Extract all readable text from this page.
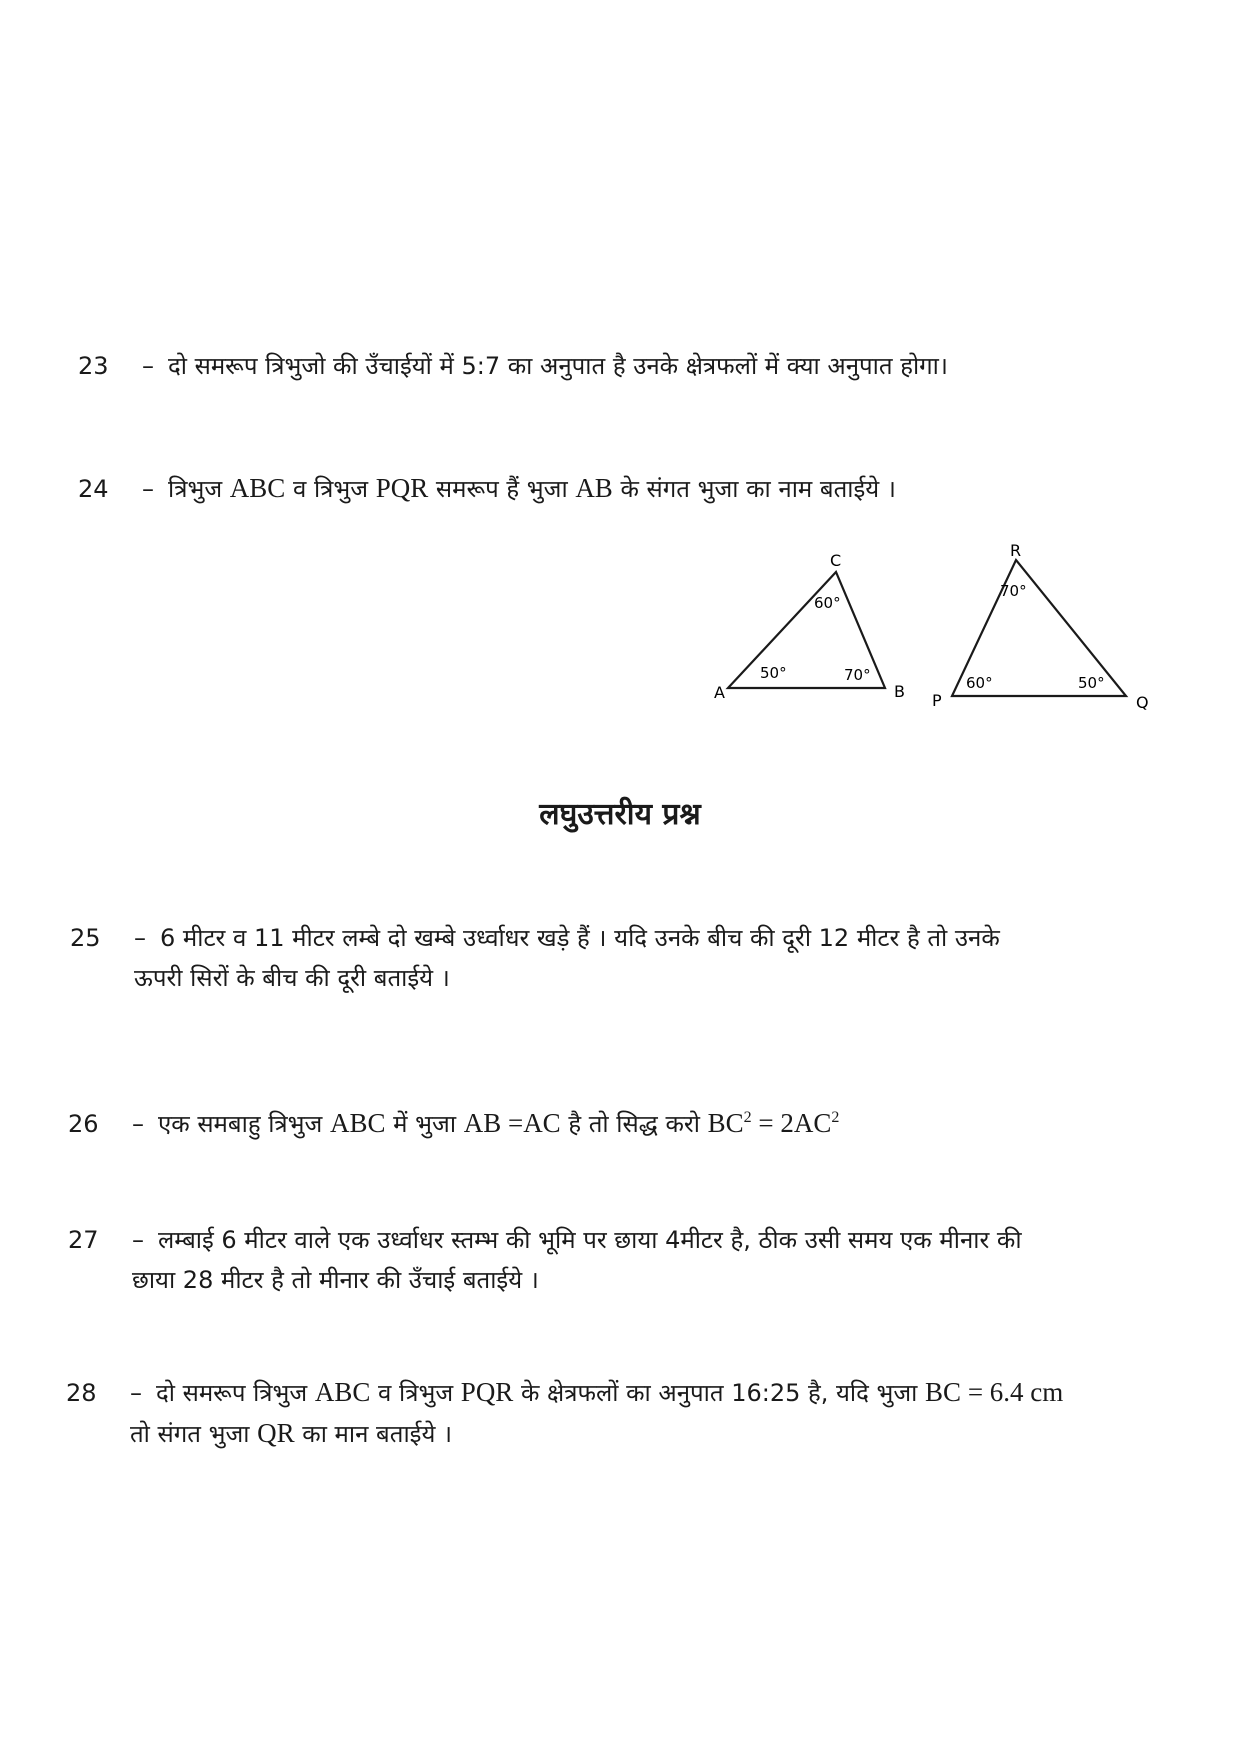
23 – दो समरूप त्रिभुजो की उँचाईयों में 5:7 का अनुपात है उनके क्षेत्रफलों में क्या अनुपात होगा।
24 – त्रिभुज ABC व त्रिभुज PQR समरूप हैं भुजा AB के संगत भुजा का नाम बताईये ।
A	B
C
50°	70°
60°
P	Q
R
60°	50°
70°
लघुउत्तरीय प्रश्न
25 – 6 मीटर व 11 मीटर लम्बे दो खम्बे उर्ध्वाधर खड़े हैं । यदि उनके बीच की दूरी 12 मीटर है तो उनके
ऊपरी सिरों के बीच की दूरी बताईये ।
26 – एक समबाहु त्रिभुज ABC में भुजा AB =AC है तो सिद्ध करो $BC^2 = 2AC^2$
27 – लम्बाई 6 मीटर वाले एक उर्ध्वाधर स्तम्भ की भूमि पर छाया 4मीटर है, ठीक उसी समय एक मीनार की
छाया 28 मीटर है तो मीनार की उँचाई बताईये ।
28 – दो समरूप त्रिभुज ABC व त्रिभुज PQR के क्षेत्रफलों का अनुपात 16:25 है, यदि भुजा BC = 6.4 cm
तो संगत भुजा QR का मान बताईये ।
